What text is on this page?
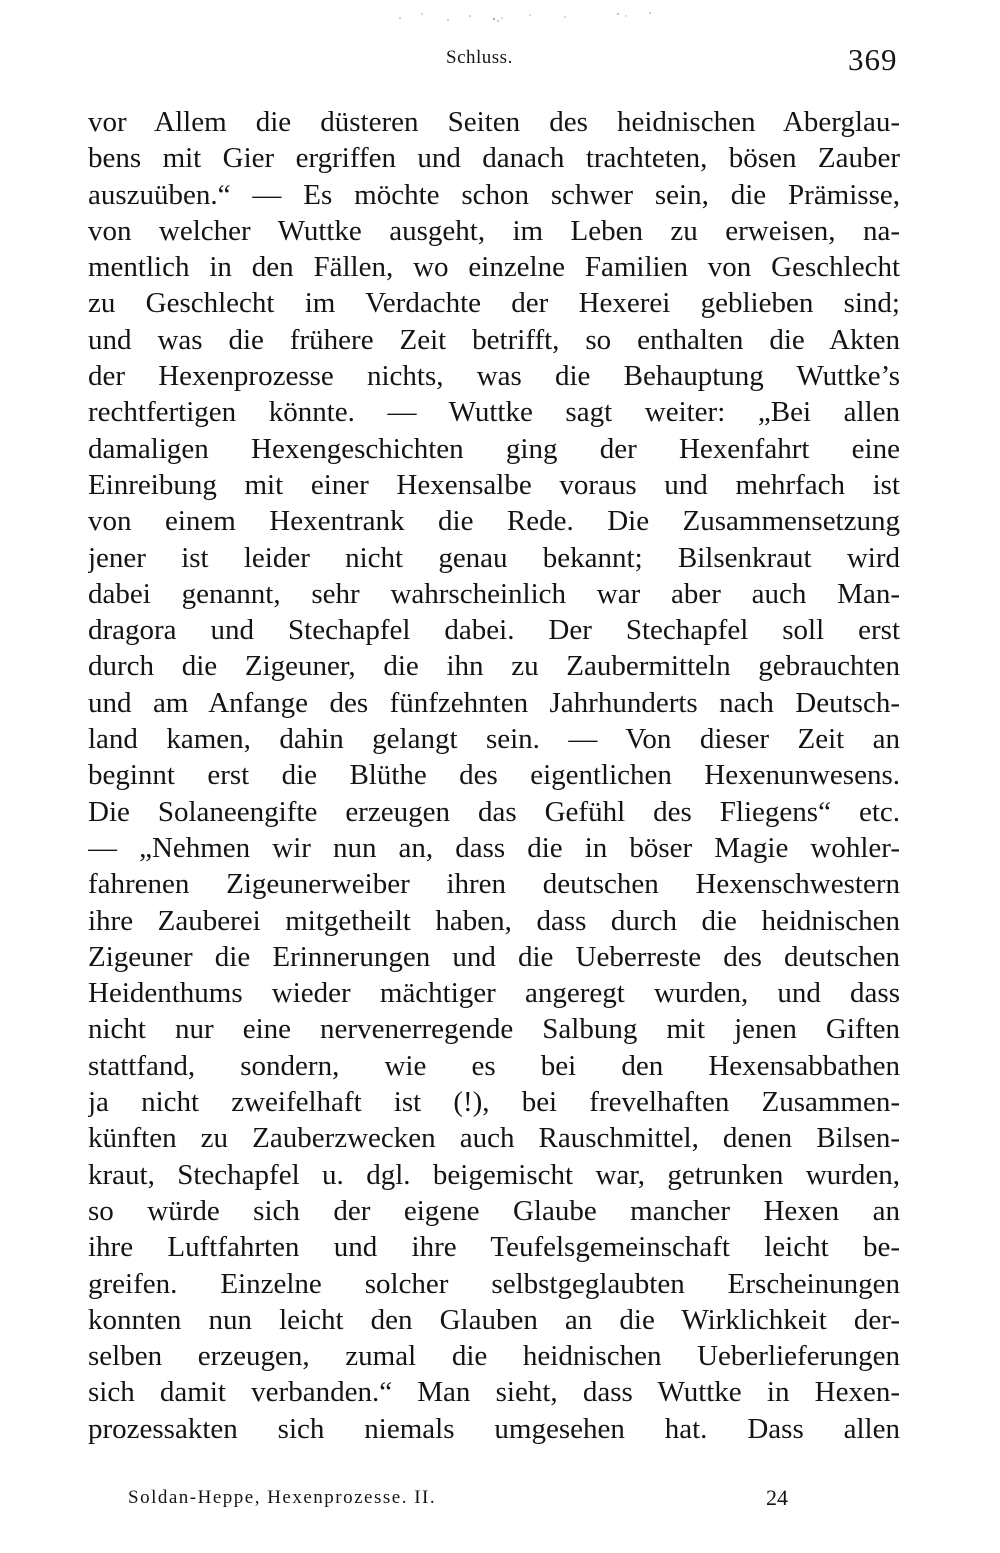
Schluss.	369
vor Allem die düsteren Seiten des heidnischen Aberglau-
bens mit Gier ergriffen und danach trachteten, bösen Zauber
auszuüben.“ — Es möchte schon schwer sein, die Prämisse,
von welcher Wuttke ausgeht, im Leben zu erweisen, na-
mentlich in den Fällen, wo einzelne Familien von Geschlecht
zu Geschlecht im Verdachte der Hexerei geblieben sind;
und was die frühere Zeit betrifft, so enthalten die Akten
der Hexenprozesse nichts, was die Behauptung Wuttke’s
rechtfertigen könnte. — Wuttke sagt weiter: „Bei allen
damaligen Hexengeschichten ging der Hexenfahrt eine
Einreibung mit einer Hexensalbe voraus und mehrfach ist
von einem Hexentrank die Rede. Die Zusammensetzung
jener ist leider nicht genau bekannt; Bilsenkraut wird
dabei genannt, sehr wahrscheinlich war aber auch Man-
dragora und Stechapfel dabei. Der Stechapfel soll erst
durch die Zigeuner, die ihn zu Zaubermitteln gebrauchten
und am Anfange des fünfzehnten Jahrhunderts nach Deutsch-
land kamen, dahin gelangt sein. — Von dieser Zeit an
beginnt erst die Blüthe des eigentlichen Hexenunwesens.
Die Solaneengifte erzeugen das Gefühl des Fliegens“ etc.
— „Nehmen wir nun an, dass die in böser Magie wohler-
fahrenen Zigeunerweiber ihren deutschen Hexenschwestern
ihre Zauberei mitgetheilt haben, dass durch die heidnischen
Zigeuner die Erinnerungen und die Ueberreste des deutschen
Heidenthums wieder mächtiger angeregt wurden, und dass
nicht nur eine nervenerregende Salbung mit jenen Giften
stattfand, sondern, wie es bei den Hexensabbathen
ja nicht zweifelhaft ist (!), bei frevelhaften Zusammen-
künften zu Zauberzwecken auch Rauschmittel, denen Bilsen-
kraut, Stechapfel u. dgl. beigemischt war, getrunken wurden,
so würde sich der eigene Glaube mancher Hexen an
ihre Luftfahrten und ihre Teufelsgemeinschaft leicht be-
greifen. Einzelne solcher selbstgeglaubten Erscheinungen
konnten nun leicht den Glauben an die Wirklichkeit der-
selben erzeugen, zumal die heidnischen Ueberlieferungen
sich damit verbanden.“ Man sieht, dass Wuttke in Hexen-
prozessakten sich niemals umgesehen hat. Dass allen
Soldan-Heppe, Hexenprozesse. II.	24
